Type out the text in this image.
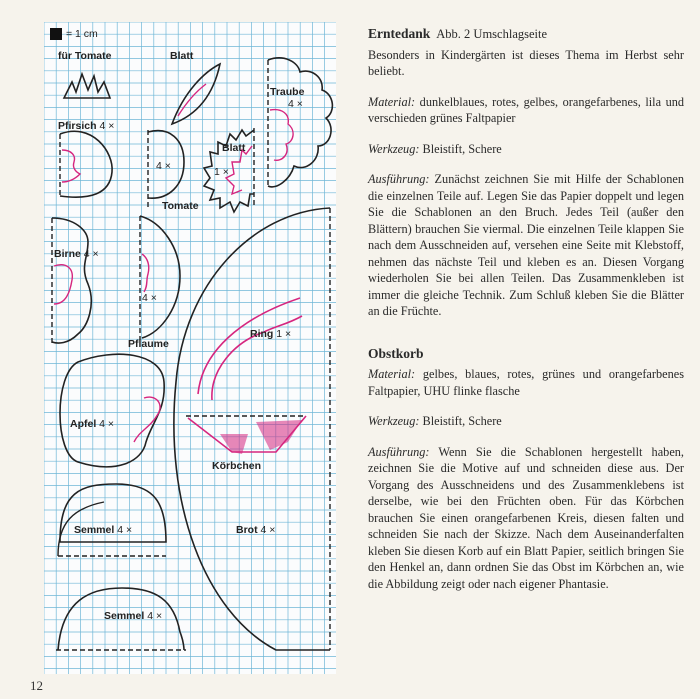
= 1 cm
für Tomate	Blatt
Traube
4 ×
Pfirsich 4 ×
4 ×
Tomate
Blatt
1 ×
Birne 4 ×
4 ×
Pflaume
Ring 1 ×
Apfel 4 ×
Körbchen
Semmel 4 ×	Brot 4 ×
Semmel 4 ×
12
Erntedank Abb. 2 Umschlagseite

Besonders in Kindergärten ist dieses Thema im Herbst sehr beliebt.

Material: dunkelblaues, rotes, gelbes, orangefarbenes, lila und verschieden grünes Faltpapier

Werkzeug: Bleistift, Schere

Ausführung: Zunächst zeichnen Sie mit Hilfe der Schablonen die einzelnen Teile auf. Legen Sie das Papier doppelt und legen Sie die Schablonen an den Bruch. Jedes Teil (außer den Blättern) brauchen Sie viermal. Die einzelnen Teile klappen Sie nach dem Ausschneiden auf, versehen eine Seite mit Klebstoff, nehmen das nächste Teil und kleben es an. Diesen Vorgang wiederholen Sie bei allen Teilen. Das Zusammenkleben ist immer die gleiche Technik. Zum Schluß kleben Sie die Blätter an die Früchte.

Obstkorb

Material: gelbes, blaues, rotes, grünes und orangefarbenes Faltpapier, UHU flinke flasche

Werkzeug: Bleistift, Schere

Ausführung: Wenn Sie die Schablonen hergestellt haben, zeichnen Sie die Motive auf und schneiden diese aus. Der Vorgang des Ausschneidens und des Zusammenklebens ist derselbe, wie bei den Früchten oben. Für das Körbchen brauchen Sie einen orangefarbenen Kreis, diesen falten und schneiden Sie nach der Skizze. Nach dem Auseinanderfalten kleben Sie diesen Korb auf ein Blatt Papier, seitlich bringen Sie den Henkel an, dann ordnen Sie das Obst im Körbchen an, wie die Abbildung zeigt oder nach eigener Phantasie.
